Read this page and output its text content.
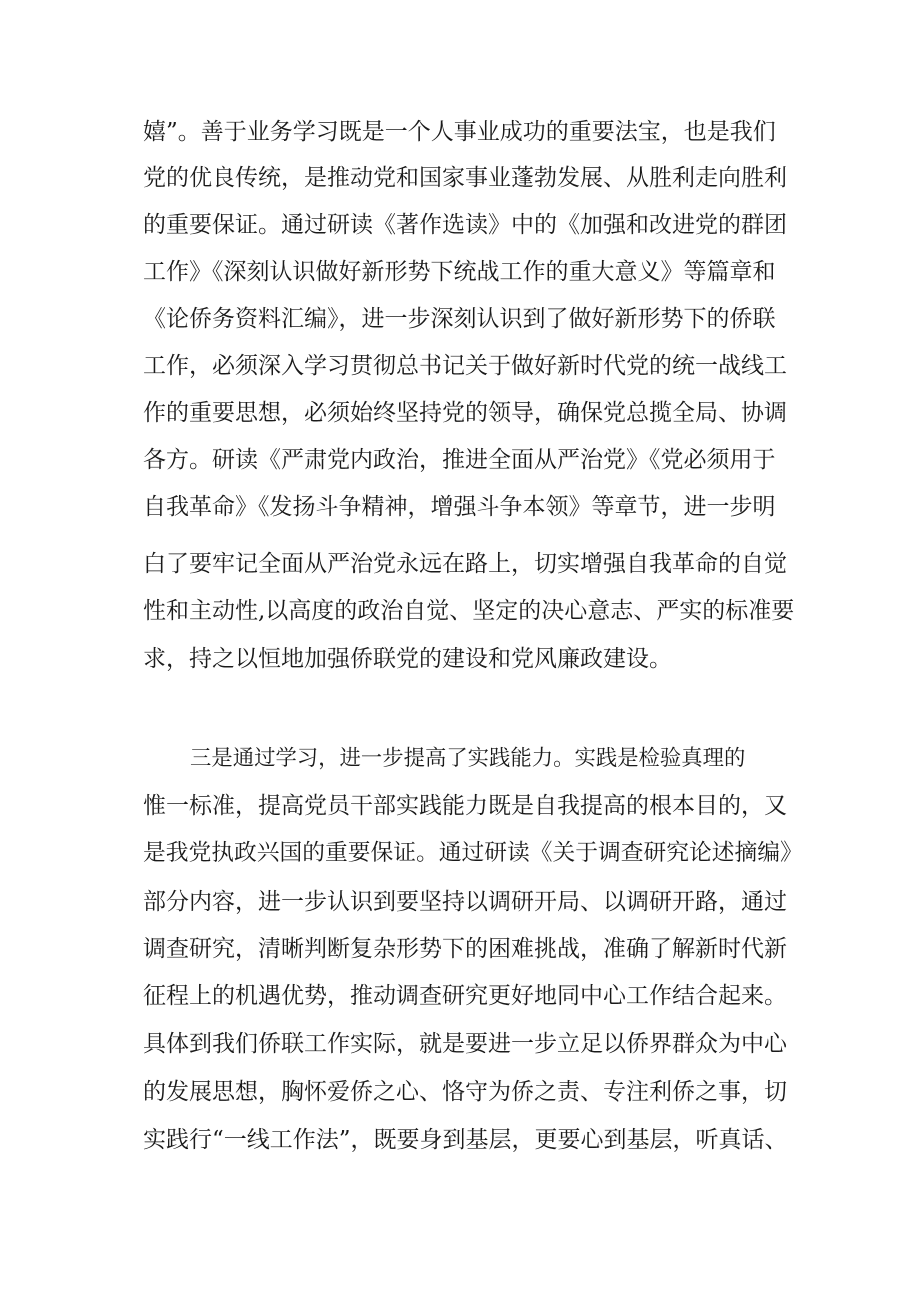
嬉”。善于业务学习既是一个人事业成功的重要法宝，也是我们
党的优良传统，是推动党和国家事业蓬勃发展、从胜利走向胜利
的重要保证。通过研读《著作选读》中的《加强和改进党的群团
工作》《深刻认识做好新形势下统战工作的重大意义》等篇章和
《论侨务资料汇编》，进一步深刻认识到了做好新形势下的侨联
工作，必须深入学习贯彻总书记关于做好新时代党的统一战线工
作的重要思想，必须始终坚持党的领导，确保党总揽全局、协调
各方。研读《严肃党内政治，推进全面从严治党》《党必须用于
自我革命》《发扬斗争精神，增强斗争本领》等章节，进一步明
白了要牢记全面从严治党永远在路上，切实增强自我革命的自觉
性和主动性,以高度的政治自觉、坚定的决心意志、严实的标准要
求，持之以恒地加强侨联党的建设和党风廉政建设。
三是通过学习，进一步提高了实践能力。实践是检验真理的
惟一标准，提高党员干部实践能力既是自我提高的根本目的，又
是我党执政兴国的重要保证。通过研读《关于调查研究论述摘编》
部分内容，进一步认识到要坚持以调研开局、以调研开路，通过
调查研究，清晰判断复杂形势下的困难挑战，准确了解新时代新
征程上的机遇优势，推动调查研究更好地同中心工作结合起来。
具体到我们侨联工作实际，就是要进一步立足以侨界群众为中心
的发展思想，胸怀爱侨之心、恪守为侨之责、专注利侨之事，切
实践行“一线工作法”，既要身到基层，更要心到基层，听真话、
